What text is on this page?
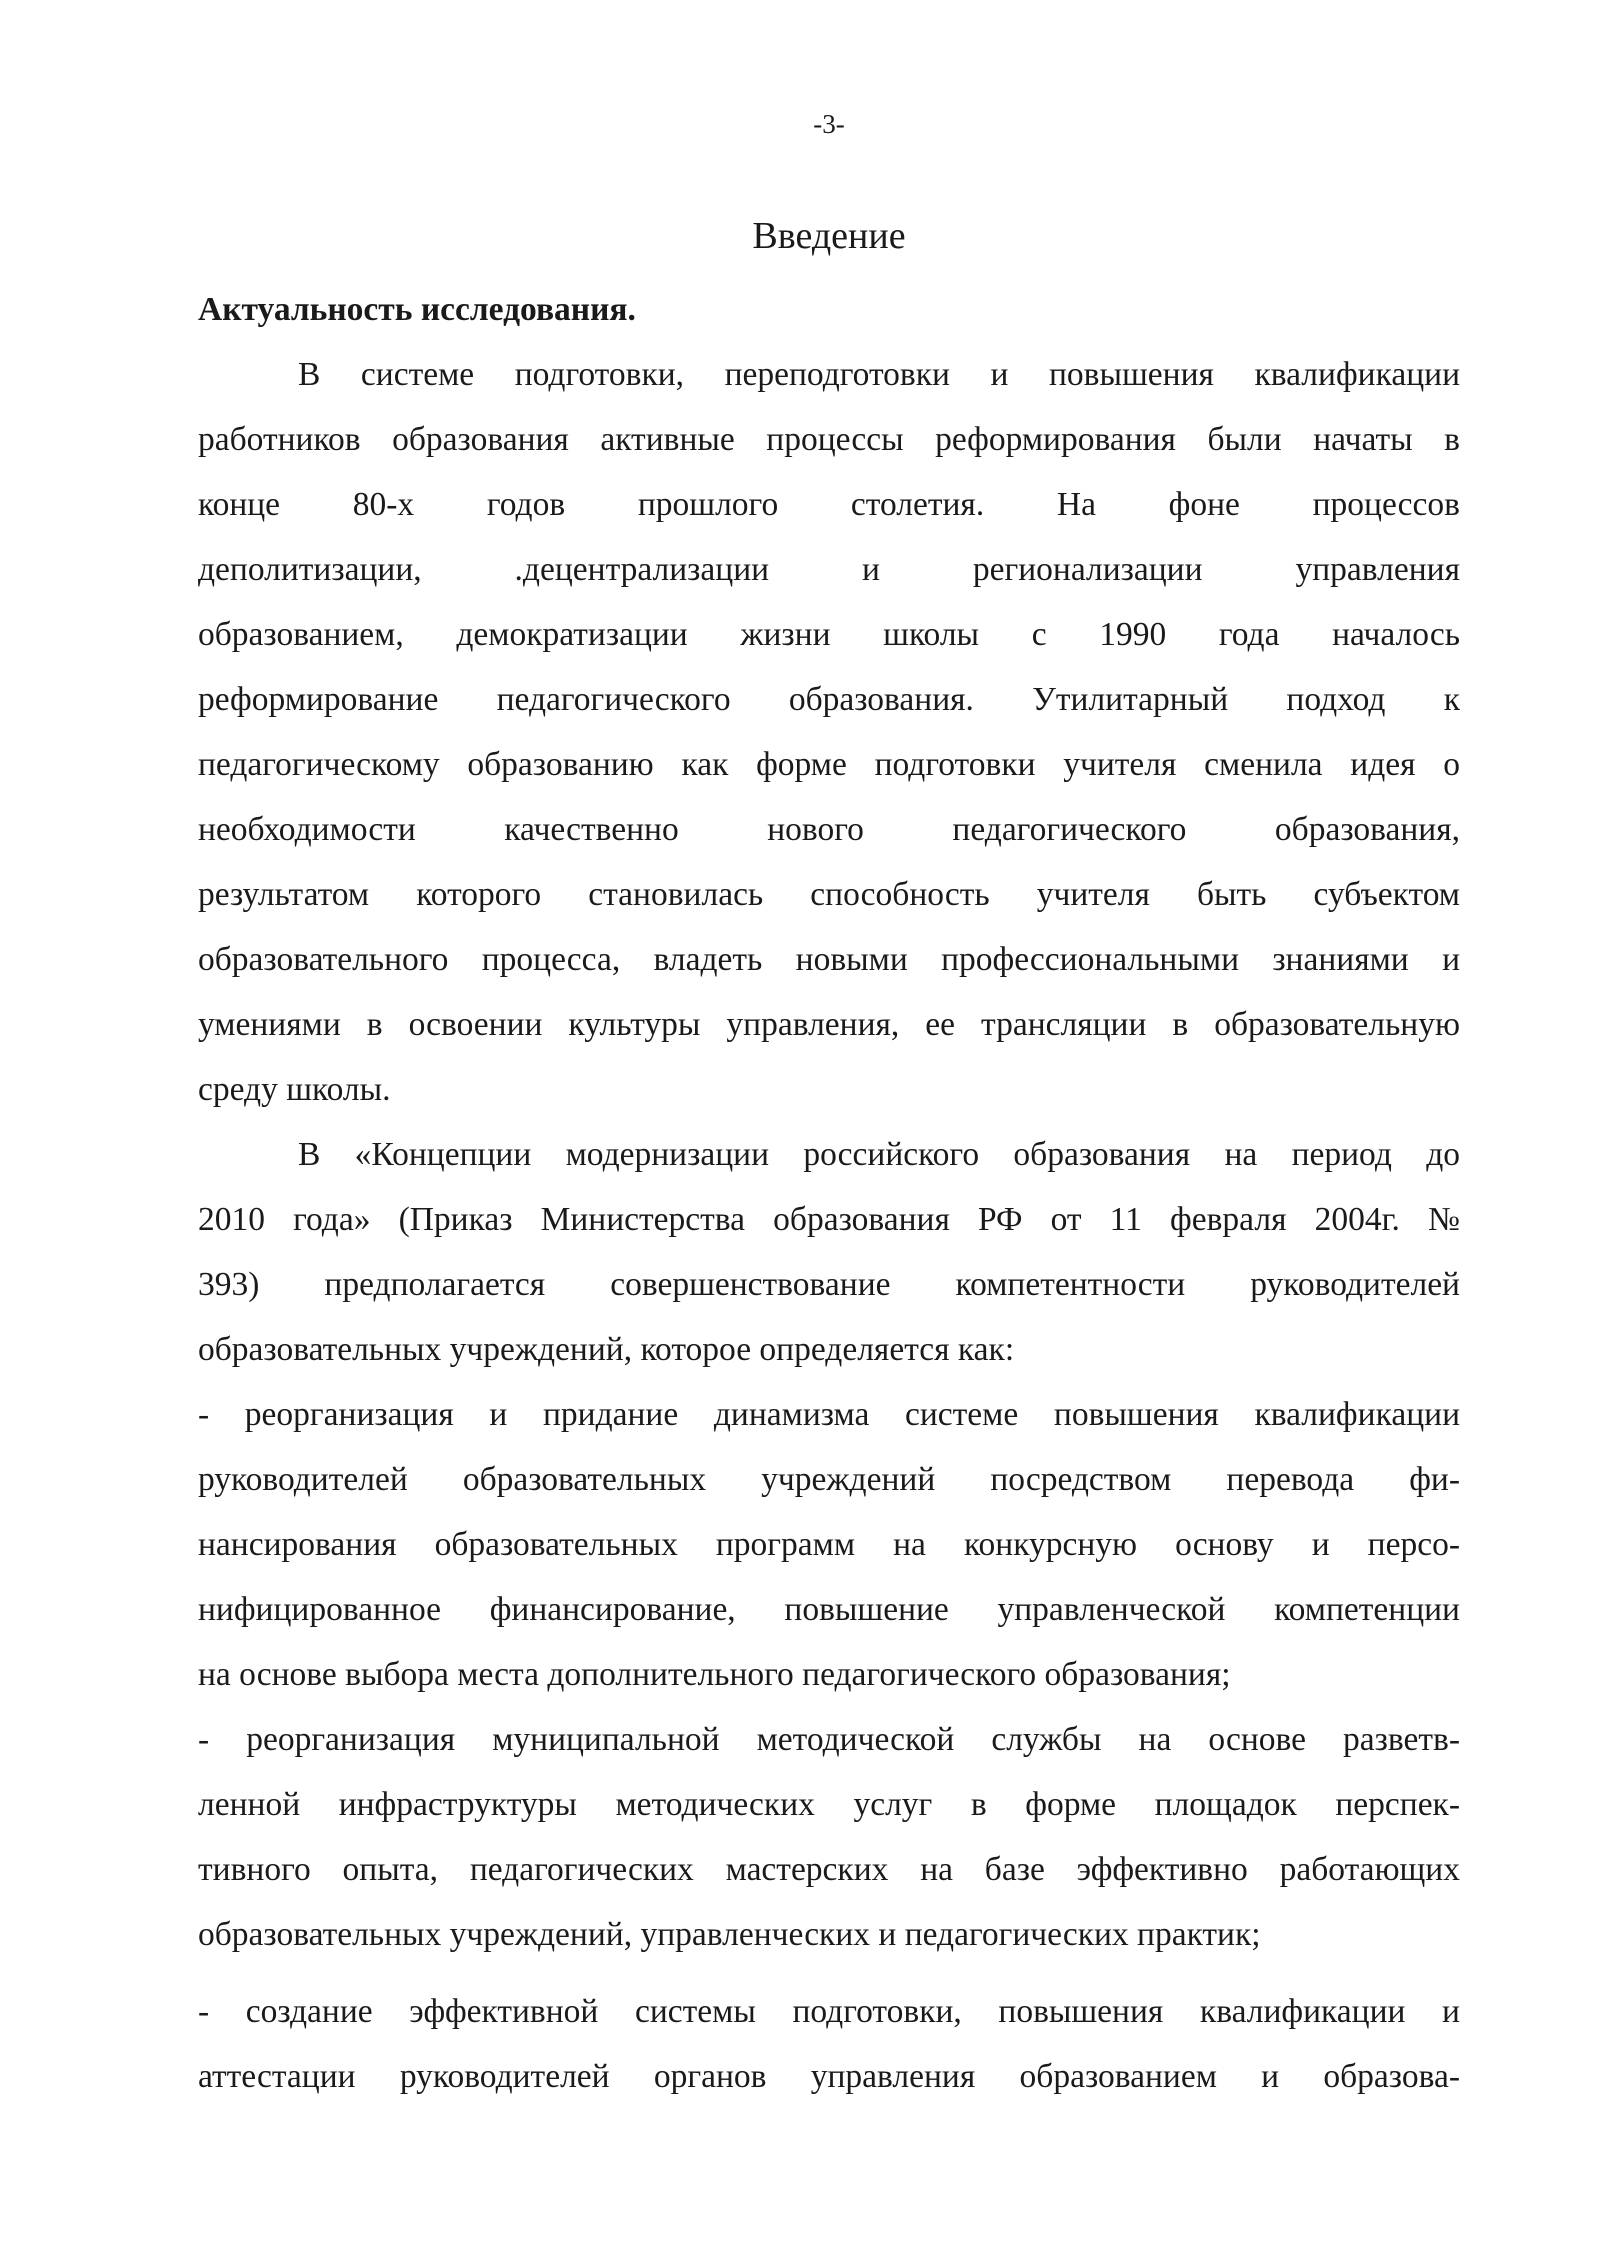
-3-
Введение
Актуальность исследования.
В системе подготовки, переподготовки и повышения квалификации
работников образования активные процессы реформирования были начаты в
конце 80-х годов прошлого столетия. На фоне процессов
деполитизации, .децентрализации и регионализации управления
образованием, демократизации жизни школы с 1990 года началось
реформирование педагогического образования. Утилитарный подход к
педагогическому образованию как форме подготовки учителя сменила идея о
необходимости качественно нового педагогического образования,
результатом которого становилась способность учителя быть субъектом
образовательного процесса, владеть новыми профессиональными знаниями и
умениями в освоении культуры управления, ее трансляции в образовательную
среду школы.
В «Концепции модернизации российского образования на период до
2010 года» (Приказ Министерства образования РФ от 11 февраля 2004г. №
393) предполагается совершенствование компетентности руководителей
образовательных учреждений, которое определяется как:
- реорганизация и придание динамизма системе повышения квалификации
руководителей образовательных учреждений посредством перевода фи-
нансирования образовательных программ на конкурсную основу и персо-
нифицированное финансирование, повышение управленческой компетенции
на основе выбора места дополнительного педагогического образования;
- реорганизация муниципальной методической службы на основе разветв-
ленной инфраструктуры методических услуг в форме площадок перспек-
тивного опыта, педагогических мастерских на базе эффективно работающих
образовательных учреждений, управленческих и педагогических практик;
- создание эффективной системы подготовки, повышения квалификации и
аттестации руководителей органов управления образованием и образова-
